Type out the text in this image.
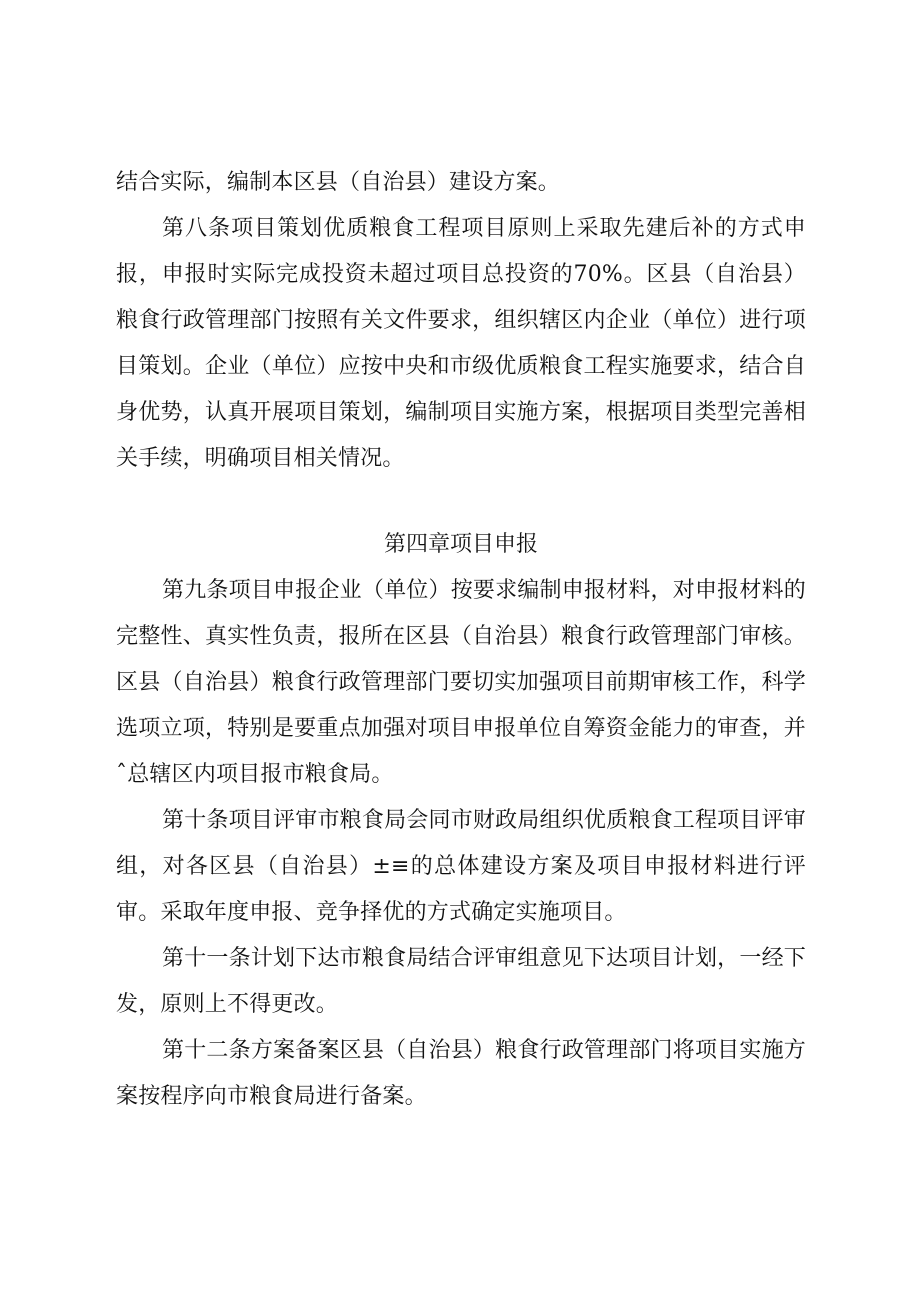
结合实际，编制本区县（自治县）建设方案。

第八条项目策划优质粮食工程项目原则上采取先建后补的方式申报，申报时实际完成投资未超过项目总投资的70%。区县（自治县）粮食行政管理部门按照有关文件要求，组织辖区内企业（单位）进行项目策划。企业（单位）应按中央和市级优质粮食工程实施要求，结合自身优势，认真开展项目策划，编制项目实施方案，根据项目类型完善相关手续，明确项目相关情况。

第四章项目申报

第九条项目申报企业（单位）按要求编制申报材料，对申报材料的完整性、真实性负责，报所在区县（自治县）粮食行政管理部门审核。区县（自治县）粮食行政管理部门要切实加强项目前期审核工作，科学选项立项，特别是要重点加强对项目申报单位自筹资金能力的审查，并ˆ总辖区内项目报市粮食局。

第十条项目评审市粮食局会同市财政局组织优质粮食工程项目评审组，对各区县（自治县）±≡的总体建设方案及项目申报材料进行评审。采取年度申报、竞争择优的方式确定实施项目。

第十一条计划下达市粮食局结合评审组意见下达项目计划，一经下发，原则上不得更改。

第十二条方案备案区县（自治县）粮食行政管理部门将项目实施方案按程序向市粮食局进行备案。
